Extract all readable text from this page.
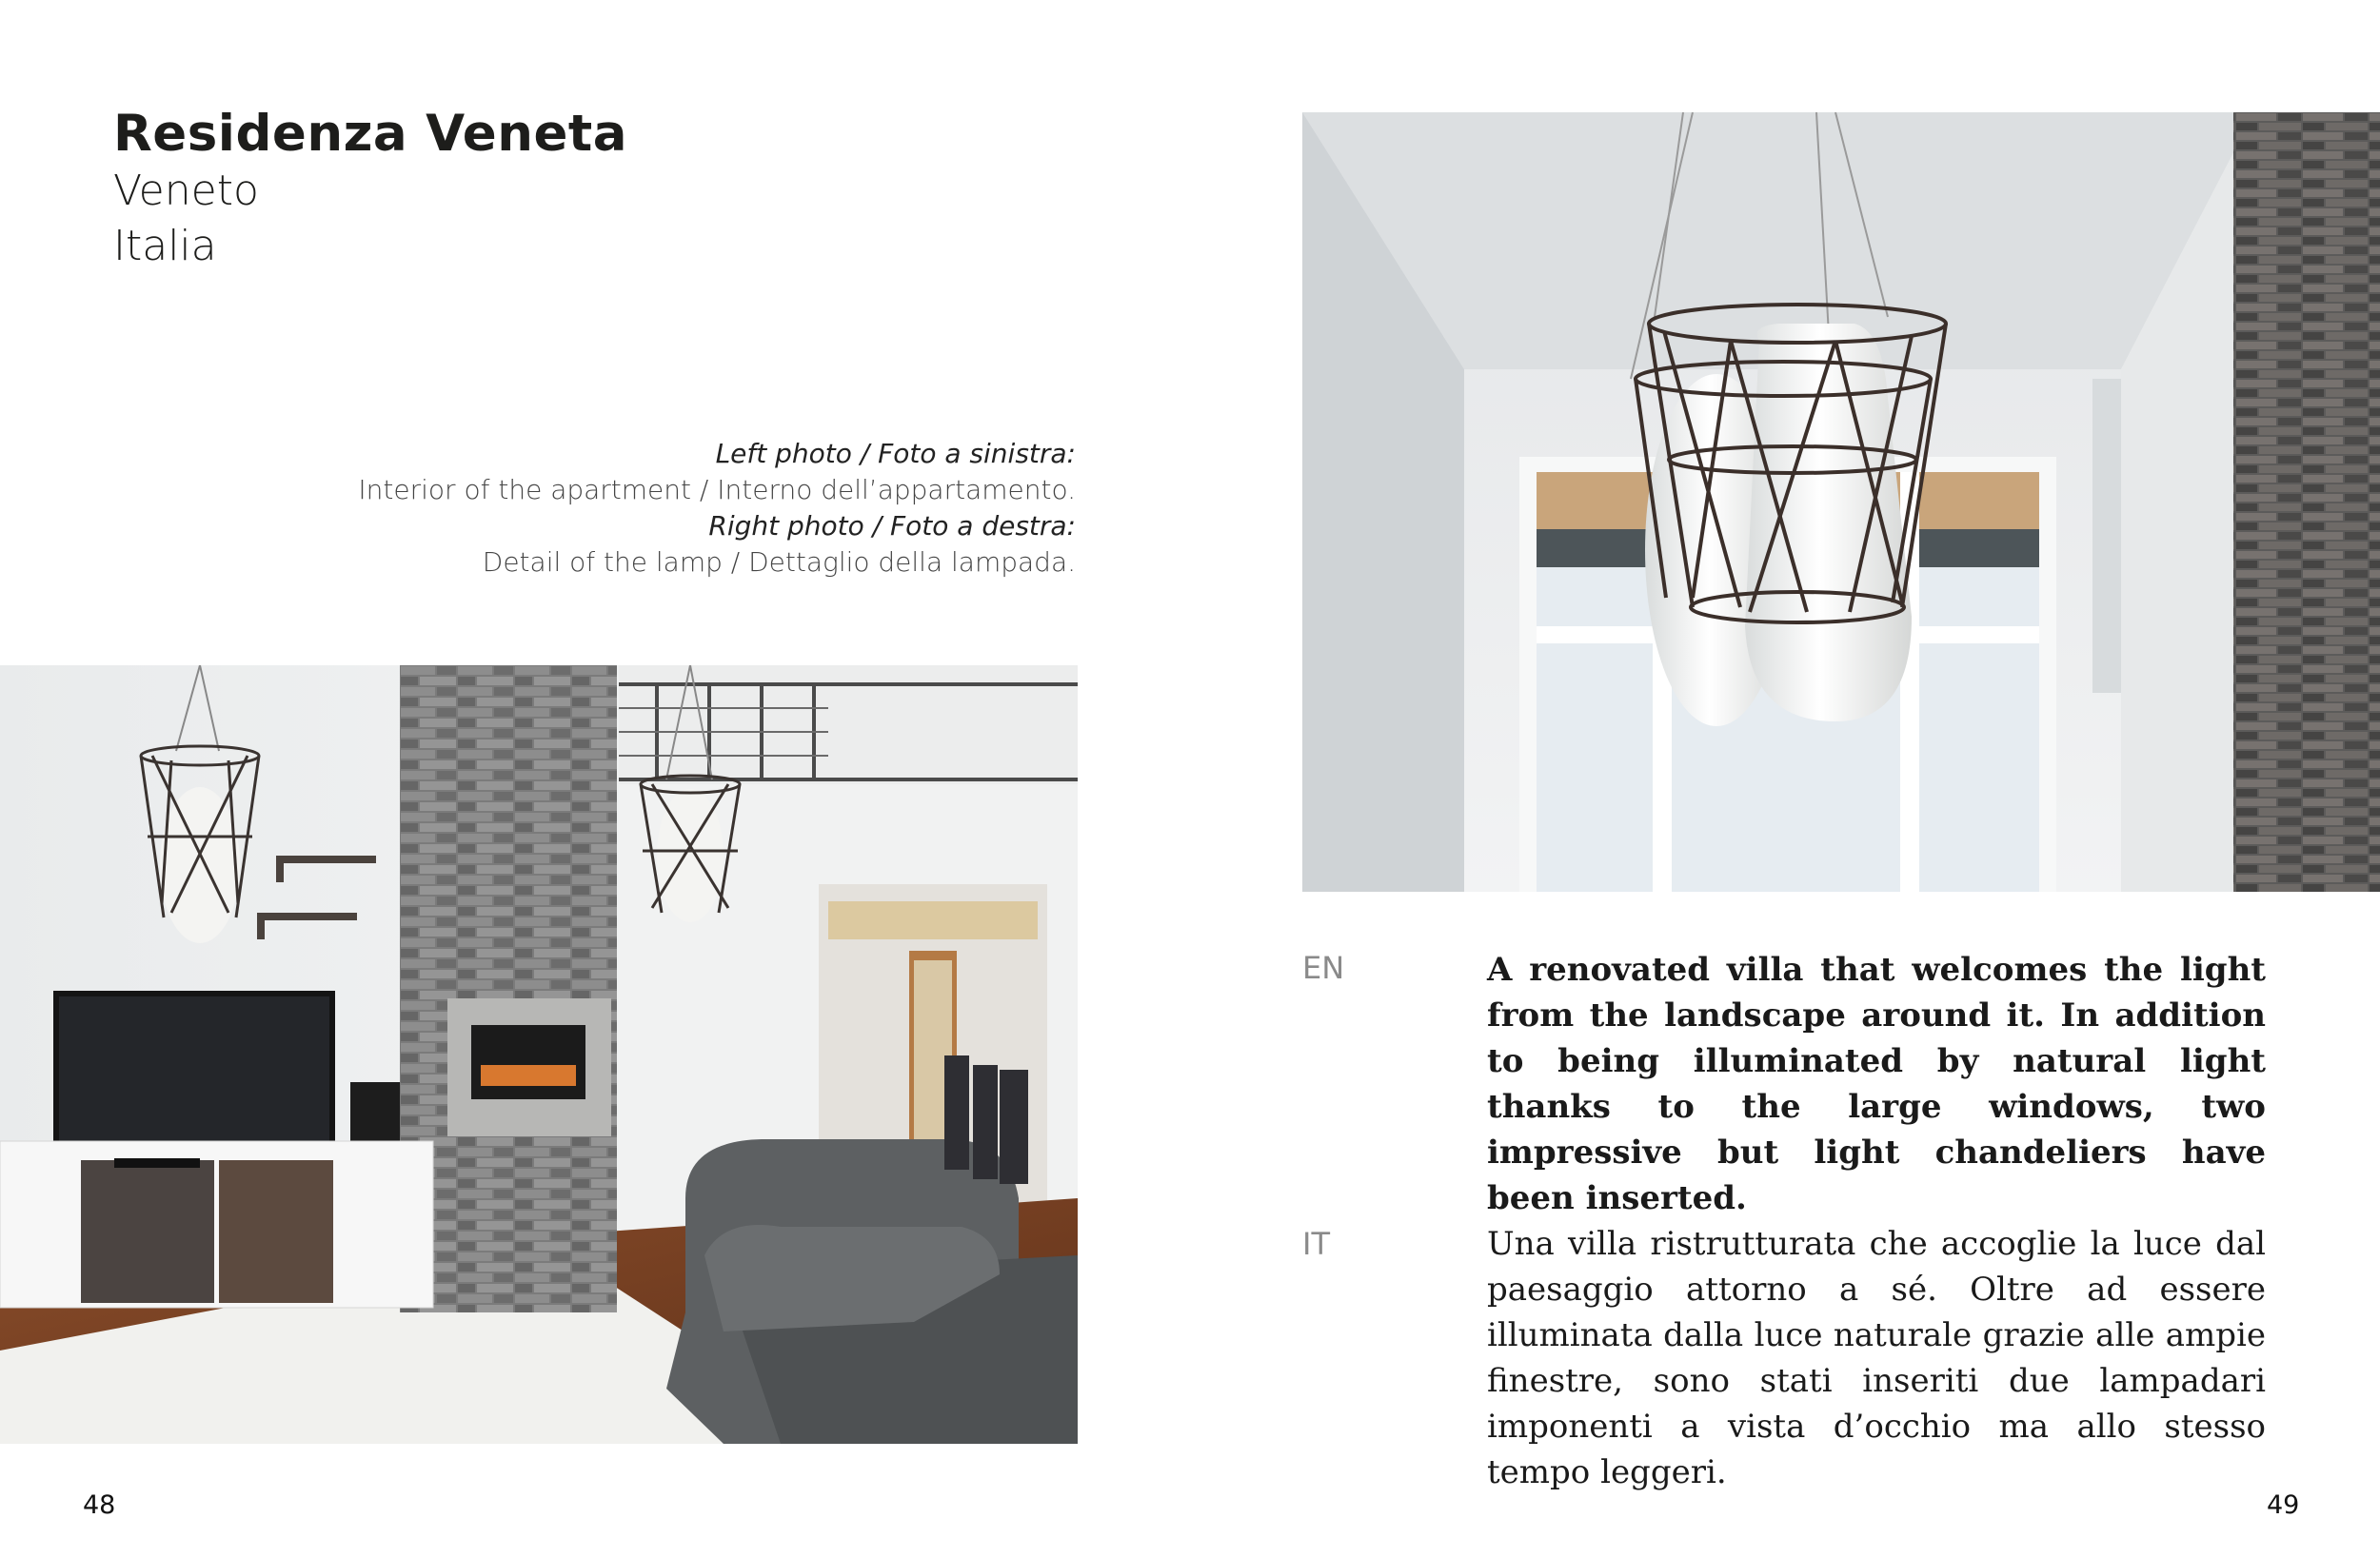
Residenza Veneta
Veneto
Italia
Left photo / Foto a sinistra:
Interior of the apartment / Interno dell’appartamento.
Right photo / Foto a destra:
Detail of the lamp / Dettaglio della lampada.
48
EN	A renovated villa that welcomes the light from the landscape around it. In addition to being illuminated by natural light thanks to the large windows, two impressive but light chandeliers have been inserted.
IT	Una villa ristrutturata che accoglie la luce dal paesaggio attorno a sé. Oltre ad essere illuminata dalla luce naturale grazie alle ampie finestre, sono stati inseriti due lampadari imponenti a vista d’occhio ma allo stesso tempo leggeri.
49
